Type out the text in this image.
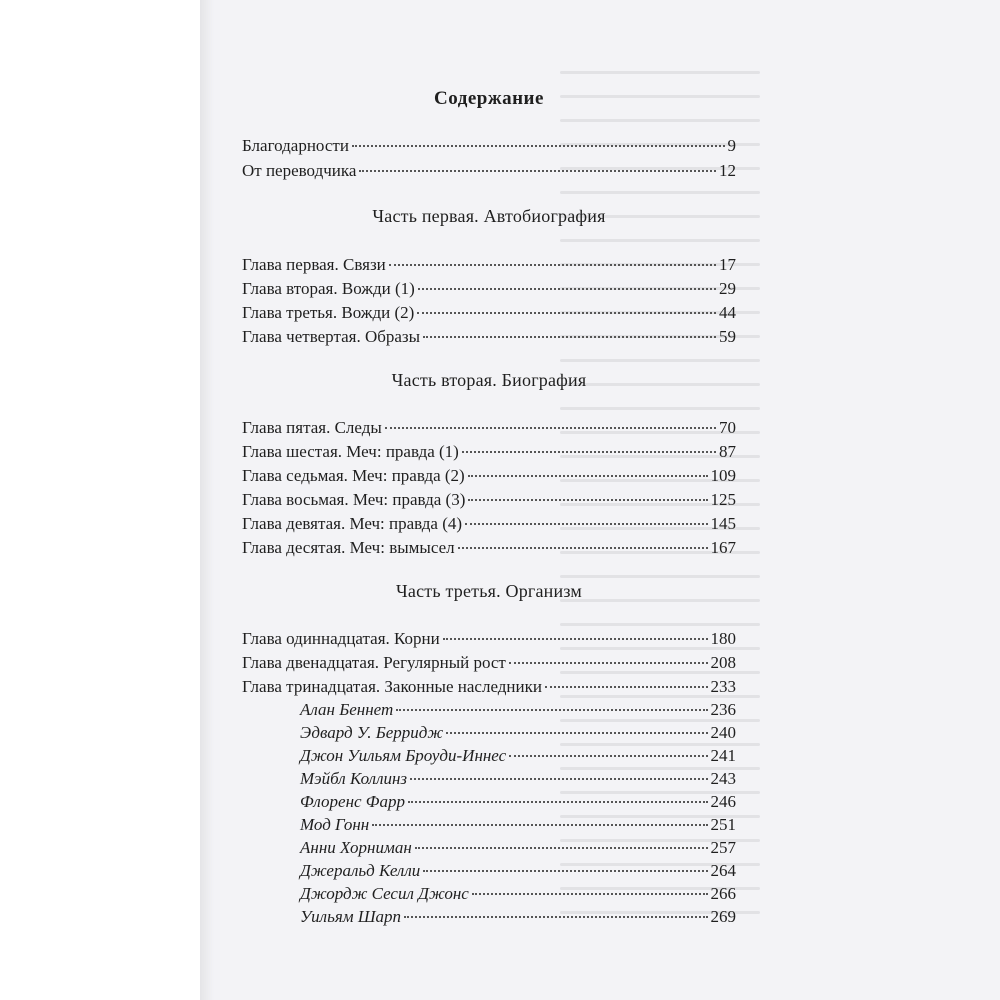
Содержание
Благодарности	9
От переводчика	12
Часть первая. Автобиография
Глава первая. Связи	17
Глава вторая. Вожди (1)	29
Глава третья. Вожди (2)	44
Глава четвертая. Образы	59
Часть вторая. Биография
Глава пятая. Следы	70
Глава шестая. Меч: правда (1)	87
Глава седьмая. Меч: правда (2)	109
Глава восьмая. Меч: правда (3)	125
Глава девятая. Меч: правда (4)	145
Глава десятая. Меч: вымысел	167
Часть третья. Организм
Глава одиннадцатая. Корни	180
Глава двенадцатая. Регулярный рост	208
Глава тринадцатая. Законные наследники	233
Алан Беннет	236
Эдвард У. Берридж	240
Джон Уильям Броуди-Иннес	241
Мэйбл Коллинз	243
Флоренс Фарр	246
Мод Гонн	251
Анни Хорниман	257
Джеральд Келли	264
Джордж Сесил Джонс	266
Уильям Шарп	269
